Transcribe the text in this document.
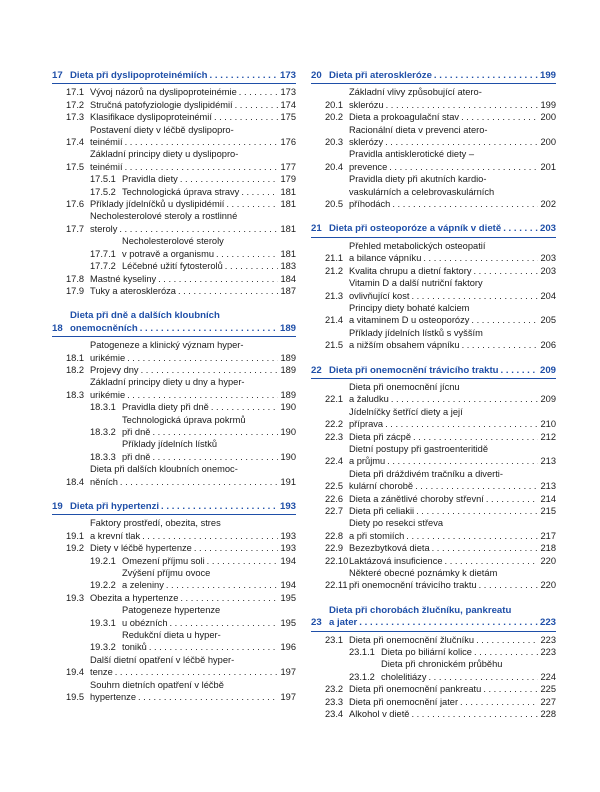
17 Dieta při dyslipoproteinémiích . . .	173
17.1 Vývoj názorů na dyslipoproteinémie . . .	173
17.2 Stručná patofyziologie dyslipidémií . . .	174
17.3 Klasifikace dyslipoproteinémií . . .	175
17.4
Postavení diety v léčbě dyslipopro-
teinémií . . .	176
17.5
Základní principy diety u dyslipopro-
teinémií . . .	177
17.5.1 Pravidla diety . . .	179
17.5.2 Technologická úprava stravy . . .	181
17.6 Příklady jídelníčků u dyslipidémií . . .	181
17.7
Necholesterolové steroly a rostlinné
steroly . . .	181
17.7.1
Necholesterolové steroly
v potravě a organismu . . .	181
17.7.2 Léčebné užití fytosterolů . . .	183
17.8 Mastné kyseliny . . .	184
17.9 Tuky a ateroskleróza . . .	187
18
Dieta při dně a dalších kloubních
onemocněních . . .	189
18.1
Patogeneze a klinický význam hyper-
urikémie . . .	189
18.2 Projevy dny . . .	189
18.3
Základní principy diety u dny a hyper-
urikémie . . .	189
18.3.1 Pravidla diety při dně . . .	190
18.3.2
Technologická úprava pokrmů
při dně . . .	190
18.3.3
Příklady jídelních lístků
při dně . . .	190
18.4
Dieta při dalších kloubních onemoc-
něních . . .	191
19 Dieta při hypertenzi . . .	193
19.1
Faktory prostředí, obezita, stres
a krevní tlak . . .	193
19.2 Diety v léčbě hypertenze . . .	193
19.2.1 Omezení příjmu soli . . .	194
19.2.2
Zvýšení příjmu ovoce
a zeleniny . . .	194
19.3 Obezita a hypertenze . . .	195
19.3.1
Patogeneze hypertenze
u obézních . . .	195
19.3.2
Redukční dieta u hyper-
toniků . . .	196
19.4
Další dietní opatření v léčbě hyper-
tenze . . .	197
19.5
Souhrn dietních opatření v léčbě
hypertenze . . .	197
20 Dieta při ateroskleróze . . .	199
20.1
Základní vlivy způsobující atero-
sklerózu . . .	199
20.2 Dieta a prokoagulační stav . . .	200
20.3
Racionální dieta v prevenci atero-
sklerózy . . .	200
20.4
Pravidla antisklerotické diety –
prevence . . .	201
20.5
Pravidla diety při akutních kardio-
vaskulárních a celebrovaskulárních
příhodách . . .	202
21 Dieta při osteoporóze a vápník v dietě . . .	203
21.1
Přehled metabolických osteopatií
a bilance vápníku . . .	203
21.2 Kvalita chrupu a dietní faktory . . .	203
21.3
Vitamin D a další nutriční faktory
ovlivňující kost . . .	204
21.4
Principy diety bohaté kalciem
a vitaminem D u osteoporózy . . .	205
21.5
Příklady jídelních lístků s vyšším
a nižším obsahem vápníku . . .	206
22 Dieta při onemocnění trávicího traktu . . .	209
22.1
Dieta při onemocnění jícnu
a žaludku . . .	209
22.2
Jídelníčky šetřící diety a její
příprava . . .	210
22.3 Dieta při zácpě . . .	212
22.4
Dietní postupy při gastroenteritidě
a průjmu . . .	213
22.5
Dieta při dráždivém tračníku a diverti-
kulární chorobě . . .	213
22.6 Dieta a zánětlivé choroby střevní . . .	214
22.7 Dieta při celiakii . . .	215
22.8
Diety po resekci střeva
a při stomiích . . .	217
22.9 Bezezbytková dieta . . .	218
22.10 Laktázová insuficience . . .	220
22.11
Některé obecné poznámky k dietám
při onemocnění trávicího traktu . . .	220
23
Dieta při chorobách žlučníku, pankreatu
a jater . . .	223
23.1 Dieta při onemocnění žlučníku . . .	223
23.1.1 Dieta po biliární kolice . . .	223
23.1.2
Dieta při chronickém průběhu
cholelitiázy . . .	224
23.2 Dieta při onemocnění pankreatu . . .	225
23.3 Dieta při onemocnění jater . . .	227
23.4 Alkohol v dietě . . .	228
